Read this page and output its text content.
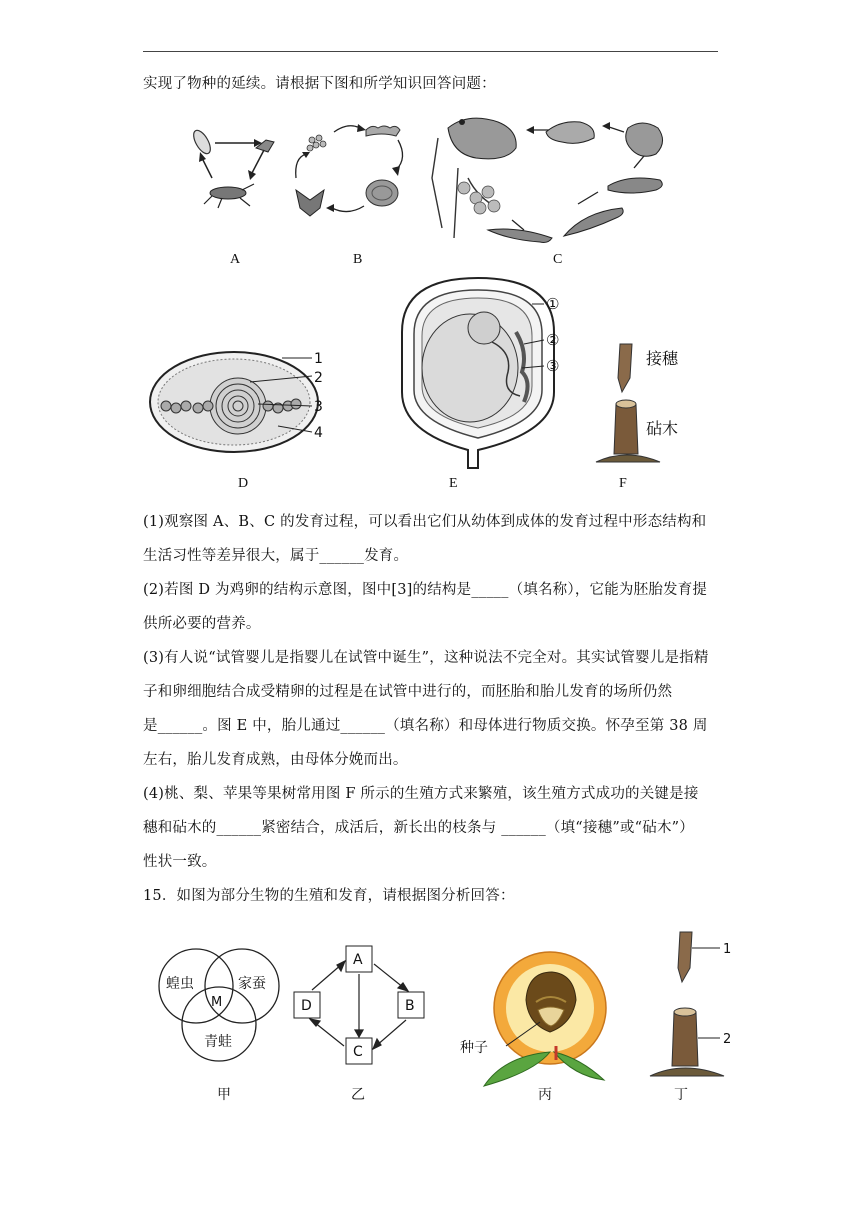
实现了物种的延续。请根据下图和所学知识回答问题：
A	B	C
1
2
3
4
D
①
②
③
E
接穗
砧木
F
(1)观察图 A、B、C 的发育过程，可以看出它们从幼体到成体的发育过程中形态结构和
生活习性等差异很大，属于______发育。
(2)若图 D 为鸡卵的结构示意图，图中[3]的结构是_____（填名称），它能为胚胎发育提
供所必要的营养。
(3)有人说“试管婴儿是指婴儿在试管中诞生”，这种说法不完全对。其实试管婴儿是指精
子和卵细胞结合成受精卵的过程是在试管中进行的，而胚胎和胎儿发育的场所仍然
是______。图 E 中，胎儿通过______（填名称）和母体进行物质交换。怀孕至第 38 周
左右，胎儿发育成熟，由母体分娩而出。
(4)桃、梨、苹果等果树常用图 F 所示的生殖方式来繁殖，该生殖方式成功的关键是接
穗和砧木的______紧密结合，成活后，新长出的枝条与 ______（填“接穗”或“砧木”）
性状一致。
15．如图为部分生物的生殖和发育，请根据图分析回答：
蝗虫	家蚕
青蛙
M
甲
A
B
C
D
乙
种子
丙
1
2
丁
